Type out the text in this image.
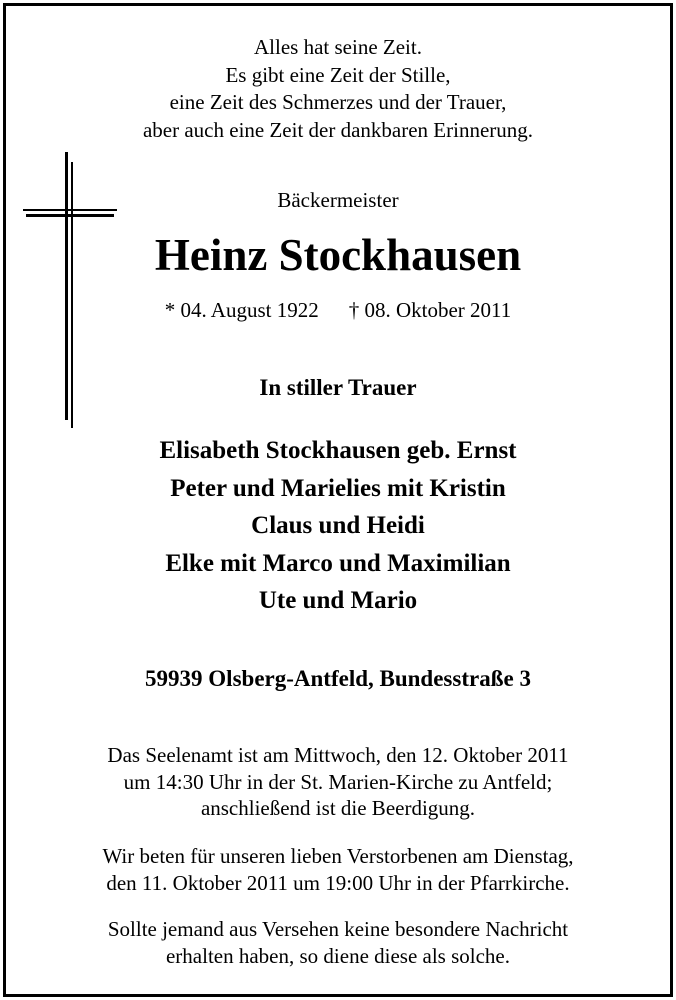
Alles hat seine Zeit.
Es gibt eine Zeit der Stille,
eine Zeit des Schmerzes und der Trauer,
aber auch eine Zeit der dankbaren Erinnerung.
Bäckermeister
Heinz Stockhausen
* 04. August 1922 † 08. Oktober 2011
In stiller Trauer
Elisabeth Stockhausen geb. Ernst
Peter und Marielies mit Kristin
Claus und Heidi
Elke mit Marco und Maximilian
Ute und Mario
59939 Olsberg-Antfeld, Bundesstraße 3
Das Seelenamt ist am Mittwoch, den 12. Oktober 2011
um 14:30 Uhr in der St. Marien-Kirche zu Antfeld;
anschließend ist die Beerdigung.
Wir beten für unseren lieben Verstorbenen am Dienstag,
den 11. Oktober 2011 um 19:00 Uhr in der Pfarrkirche.
Sollte jemand aus Versehen keine besondere Nachricht
erhalten haben, so diene diese als solche.
